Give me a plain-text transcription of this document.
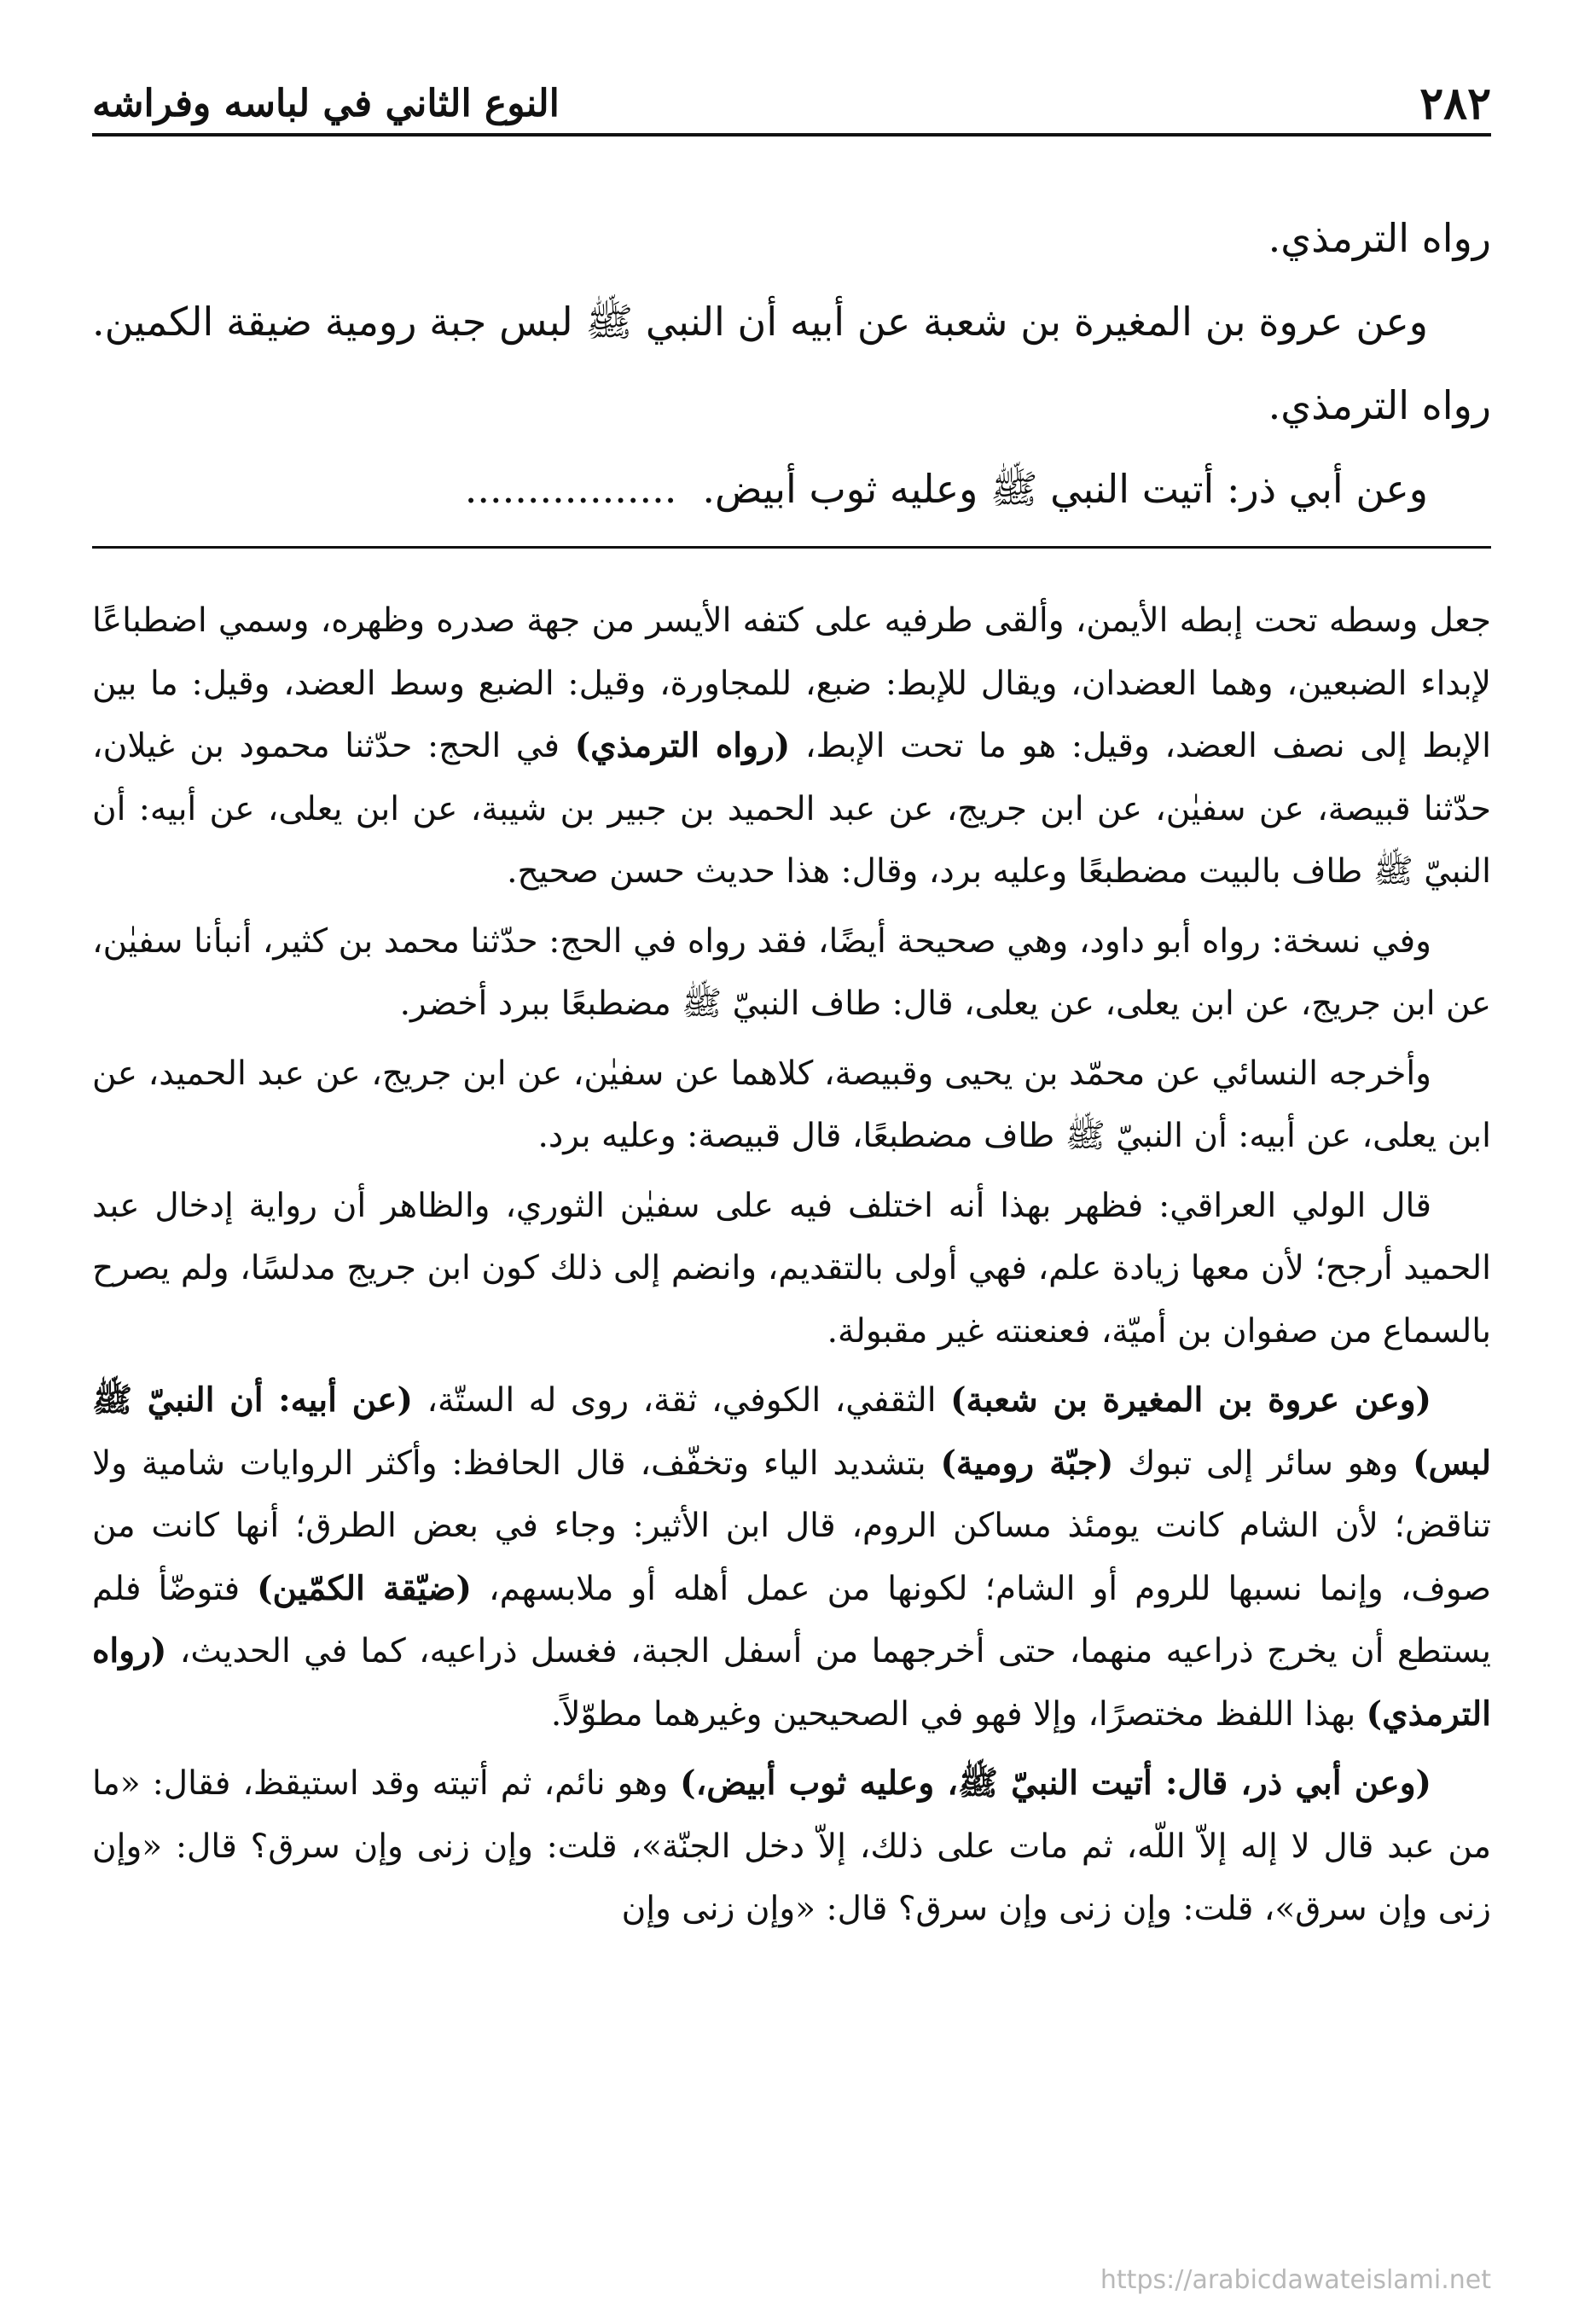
٢٨٢
النوع الثاني في لباسه وفراشه

رواه الترمذي.

وعن عروة بن المغيرة بن شعبة عن أبيه أن النبي ﷺ لبس جبة رومية ضيقة الكمين. رواه الترمذي.

وعن أبي ذر: أتيت النبي ﷺ وعليه ثوب أبيض..................

جعل وسطه تحت إبطه الأيمن، وألقى طرفيه على كتفه الأيسر من جهة صدره وظهره، وسمي اضطباعًا لإبداء الضبعين، وهما العضدان، ويقال للإبط: ضبع، للمجاورة، وقيل: الضبع وسط العضد، وقيل: ما بين الإبط إلى نصف العضد، وقيل: هو ما تحت الإبط، (رواه الترمذي) في الحج: حدّثنا محمود بن غيلان، حدّثنا قبيصة، عن سفيٰن، عن ابن جريج، عن عبد الحميد بن جبير بن شيبة، عن ابن يعلى، عن أبيه: أن النبيّ ﷺ طاف بالبيت مضطبعًا وعليه برد، وقال: هذا حديث حسن صحيح.

وفي نسخة: رواه أبو داود، وهي صحيحة أيضًا، فقد رواه في الحج: حدّثنا محمد بن كثير، أنبأنا سفيٰن، عن ابن جريج، عن ابن يعلى، عن يعلى، قال: طاف النبيّ ﷺ مضطبعًا ببرد أخضر.

وأخرجه النسائي عن محمّد بن يحيى وقبيصة، كلاهما عن سفيٰن، عن ابن جريج، عن عبد الحميد، عن ابن يعلى، عن أبيه: أن النبيّ ﷺ طاف مضطبعًا، قال قبيصة: وعليه برد.

قال الولي العراقي: فظهر بهذا أنه اختلف فيه على سفيٰن الثوري، والظاهر أن رواية إدخال عبد الحميد أرجح؛ لأن معها زيادة علم، فهي أولى بالتقديم، وانضم إلى ذلك كون ابن جريج مدلسًا، ولم يصرح بالسماع من صفوان بن أميّة، فعنعنته غير مقبولة.

(وعن عروة بن المغيرة بن شعبة) الثقفي، الكوفي، ثقة، روى له الستّة، (عن أبيه: أن النبيّ ﷺ لبس) وهو سائر إلى تبوك (جبّة رومية) بتشديد الياء وتخفّف، قال الحافظ: وأكثر الروايات شامية ولا تناقض؛ لأن الشام كانت يومئذ مساكن الروم، قال ابن الأثير: وجاء في بعض الطرق؛ أنها كانت من صوف، وإنما نسبها للروم أو الشام؛ لكونها من عمل أهله أو ملابسهم، (ضيّقة الكمّين) فتوضّأ فلم يستطع أن يخرج ذراعيه منهما، حتى أخرجهما من أسفل الجبة، فغسل ذراعيه، كما في الحديث، (رواه الترمذي) بهذا اللفظ مختصرًا، وإلا فهو في الصحيحين وغيرهما مطوّلاً.

(وعن أبي ذر، قال: أتيت النبيّ ﷺ، وعليه ثوب أبيض،) وهو نائم، ثم أتيته وقد استيقظ، فقال: «ما من عبد قال لا إله إلاّ اللّه، ثم مات على ذلك، إلاّ دخل الجنّة»، قلت: وإن زنى وإن سرق؟ قال: «وإن زنى وإن سرق»، قلت: وإن زنى وإن سرق؟ قال: «وإن زنى وإن

https://arabicdawateislami.net
